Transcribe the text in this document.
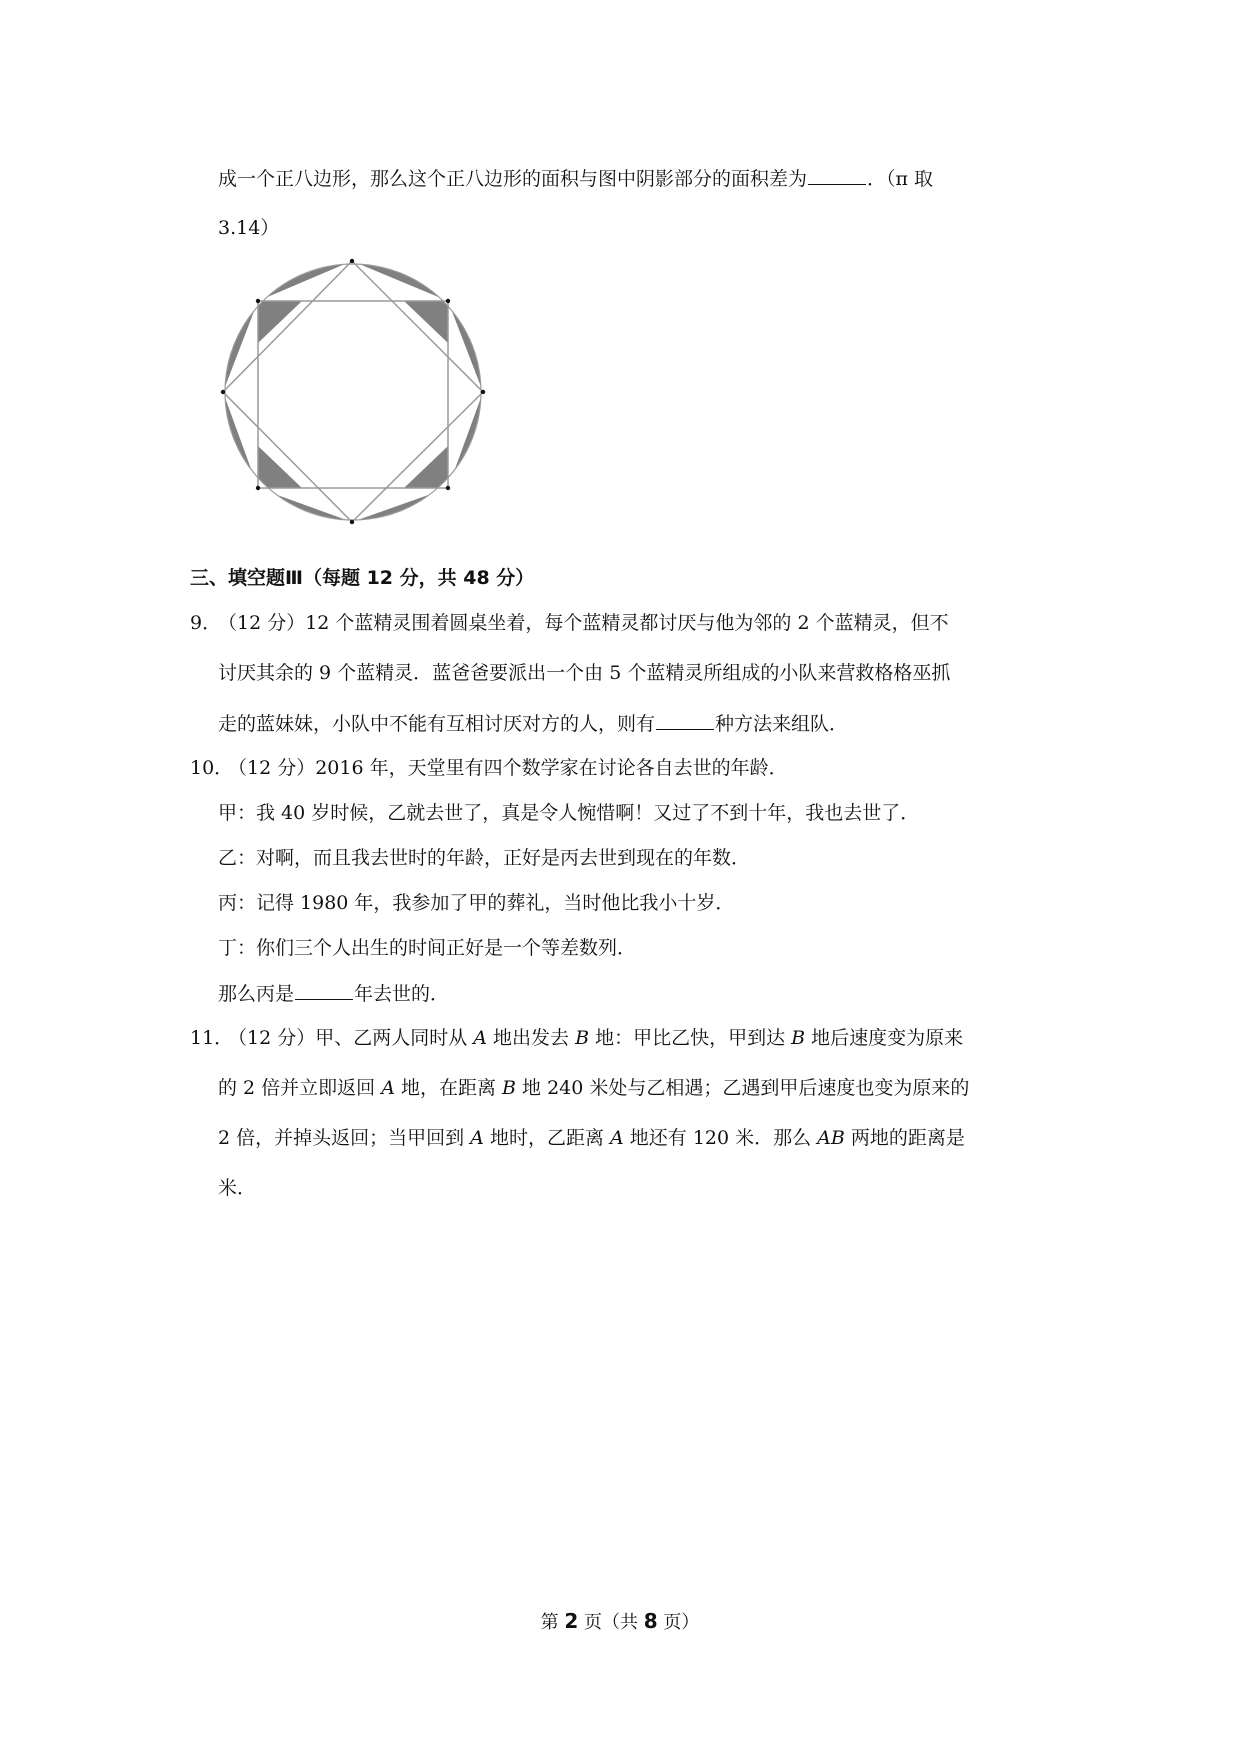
成一个正八边形，那么这个正八边形的面积与图中阴影部分的面积差为	．（π 取
3.14）
三、填空题Ⅲ（每题 12 分，共 48 分）
9．
（12 分）12 个蓝精灵围着圆桌坐着，每个蓝精灵都讨厌与他为邻的 2 个蓝精灵，但不
讨厌其余的 9 个蓝精灵．蓝爸爸要派出一个由 5 个蓝精灵所组成的小队来营救格格巫抓
走的蓝妹妹，小队中不能有互相讨厌对方的人，则有	种方法来组队．
10．
（12 分）2016 年，天堂里有四个数学家在讨论各自去世的年龄．
甲：我 40 岁时候，乙就去世了，真是令人惋惜啊！又过了不到十年，我也去世了．
乙：对啊，而且我去世时的年龄，正好是丙去世到现在的年数．
丙：记得 1980 年，我参加了甲的葬礼，当时他比我小十岁．
丁：你们三个人出生的时间正好是一个等差数列．
那么丙是	年去世的．
11．
（12 分）甲、乙两人同时从 A 地出发去 B 地：甲比乙快，甲到达 B 地后速度变为原来
的 2 倍并立即返回 A 地，在距离 B 地 240 米处与乙相遇；乙遇到甲后速度也变为原来的
2 倍，并掉头返回；当甲回到 A 地时，乙距离 A 地还有 120 米．那么 AB 两地的距离是
米．
第 2 页（共 8 页）
